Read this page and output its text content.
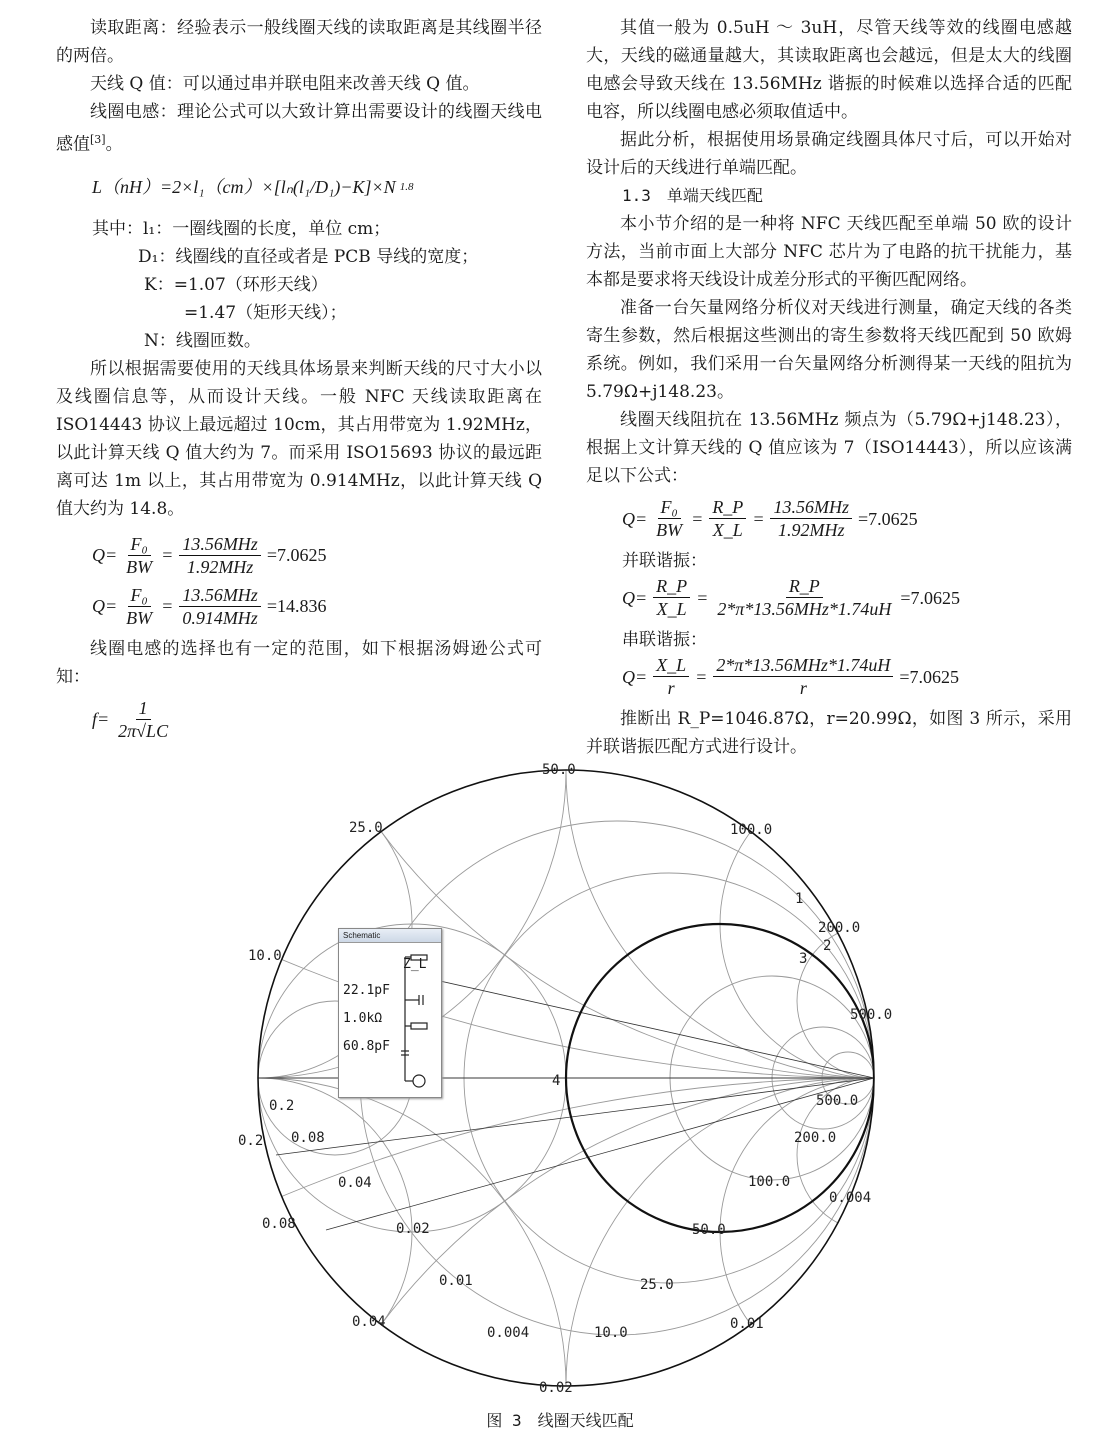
读取距离：经验表示一般线圈天线的读取距离是其线圈半径的两倍。

天线 Q 值：可以通过串并联电阻来改善天线 Q 值。

线圈电感：理论公式可以大致计算出需要设计的线圈天线电感值[3]。

L（nH）=2×l₁（cm）×[lₙ(l₁/D₁)−K]×N 1.8
其中：l₁：一圈线圈的长度，单位 cm；
D₁：线圈线的直径或者是 PCB 导线的宽度；
K：=1.07（环形天线）
=1.47（矩形天线）；
N：线圈匝数。

所以根据需要使用的天线具体场景来判断天线的尺寸大小以及线圈信息等，从而设计天线。一般 NFC 天线读取距离在 ISO14443 协议上最远超过 10cm，其占用带宽为 1.92MHz，以此计算天线 Q 值大约为 7。而采用 ISO15693 协议的最远距离可达 1m 以上，其占用带宽为 0.914MHz，以此计算天线 Q 值大约为 14.8。

$Q= \frac{\text{F₀}}{BW} = \frac{\text{13.56MHz}}{\text{1.92MHz}} =7.0625$
$Q= \frac{\text{F₀}}{BW} = \frac{\text{13.56MHz}}{\text{0.914MHz}} =14.836$

线圈电感的选择也有一定的范围，如下根据汤姆逊公式可知：

$f= \frac{1}{2\pi√LC}$

其值一般为 0.5uH ～ 3uH，尽管天线等效的线圈电感越大，天线的磁通量越大，其读取距离也会越远，但是太大的线圈电感会导致天线在 13.56MHz 谐振的时候难以选择合适的匹配电容，所以线圈电感必须取值适中。

据此分析，根据使用场景确定线圈具体尺寸后，可以开始对设计后的天线进行单端匹配。

1.3　单端天线匹配

本小节介绍的是一种将 NFC 天线匹配至单端 50 欧的设计方法，当前市面上大部分 NFC 芯片为了电路的抗干扰能力，基本都是要求将天线设计成差分形式的平衡匹配网络。

准备一台矢量网络分析仪对天线进行测量，确定天线的各类寄生参数，然后根据这些测出的寄生参数将天线匹配到 50 欧姆系统。例如，我们采用一台矢量网络分析测得某一天线的阻抗为 5.79Ω+j148.23。

线圈天线阻抗在 13.56MHz 频点为（5.79Ω+j148.23），根据上文计算天线的 Q 值应该为 7（ISO14443），所以应该满足以下公式：

$Q= \frac{\text{F₀}}{BW} = \frac{R\_P}{X\_L} = \frac{\text{13.56MHz}}{\text{1.92MHz}} =7.0625$
并联谐振：
$Q= \frac{R\_P}{X\_L} = \frac{R\_P}{\text{2*π*13.56MHz*1.74uH}} =7.0625$
串联谐振：
$Q= \frac{X\_L}{r} = \frac{\text{2*π*13.56MHz*1.74uH}}{r} =7.0625$

推断出 R_P=1046.87Ω，r=20.99Ω，如图 3 所示，采用并联谐振匹配方式进行设计。

50.0
25.0	100.0
10.0
200.0
500.0
0.2
0.08
0.04
0.02
0.01
0.004
4
3
2
1
0.2
0.08
0.04
0.004	10.0
25.0
50.0
100.0
200.0
500.0
0.01
0.02
Schematic
Z_L
22.1pF
1.0kΩ
60.8pF
图 3　线圈天线匹配
